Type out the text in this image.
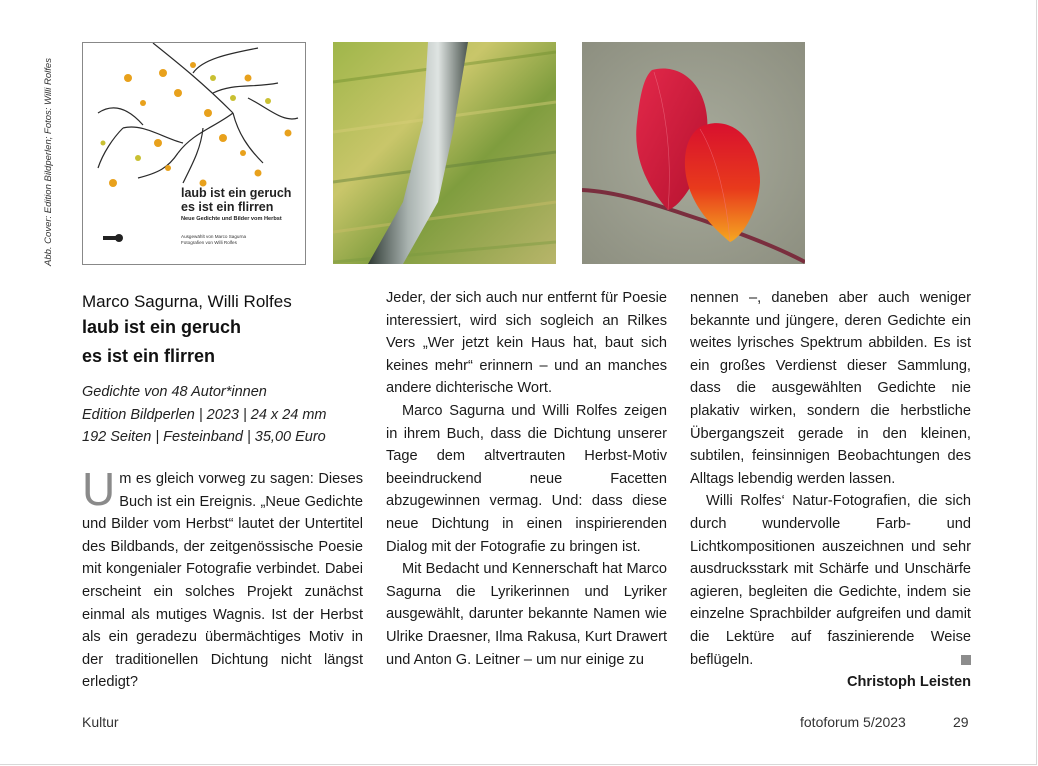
Abb. Cover: Edition Bildperlen; Fotos: Willi Rolfes	laub ist ein geruch
es ist ein flirren
Neue Gedichte und Bilder vom Herbst
Ausgewählt von Marco Sagurna
Fotografien von Willi Rolfes
Marco Sagurna, Willi Rolfes
laub ist ein geruch
es ist ein flirren
Gedichte von 48 Autor*innen
Edition Bildperlen | 2023 | 24 x 24 mm
192 Seiten | Festeinband | 35,00 Euro

Um es gleich vorweg zu sagen: Dieses Buch ist ein Ereignis. „Neue Gedichte und Bilder vom Herbst“ lautet der Untertitel des Bildbands, der zeitgenössische Poesie mit kongenialer Fotografie verbindet. Dabei erscheint ein solches Projekt zunächst einmal als mutiges Wagnis. Ist der Herbst als ein geradezu übermächtiges Motiv in der traditionellen Dichtung nicht längst erledigt?

Jeder, der sich auch nur entfernt für Poesie interessiert, wird sich sogleich an Rilkes Vers „Wer jetzt kein Haus hat, baut sich keines mehr“ erinnern – und an manches andere dichterische Wort.

Marco Sagurna und Willi Rolfes zeigen in ihrem Buch, dass die Dichtung unserer Tage dem altvertrauten Herbst-Motiv beeindruckend neue Facetten abzugewinnen vermag. Und: dass diese neue Dichtung in einen inspirierenden Dialog mit der Fotografie zu bringen ist.

Mit Bedacht und Kennerschaft hat Marco Sagurna die Lyrikerinnen und Lyriker ausgewählt, darunter bekannte Namen wie Ulrike Draesner, Ilma Rakusa, Kurt Drawert und Anton G. Leitner – um nur einige zu

nennen –, daneben aber auch weniger bekannte und jüngere, deren Gedichte ein weites lyrisches Spektrum abbilden. Es ist ein großes Verdienst dieser Sammlung, dass die ausgewählten Gedichte nie plakativ wirken, sondern die herbstliche Übergangszeit gerade in den kleinen, subtilen, feinsinnigen Beobachtungen des Alltags lebendig werden lassen.

Willi Rolfes‘ Natur-Fotografien, die sich durch wundervolle Farb- und Lichtkompositionen auszeichnen und sehr ausdrucksstark mit Schärfe und Unschärfe agieren, begleiten die Gedichte, indem sie einzelne Sprachbilder aufgreifen und damit die Lektüre auf faszinierende Weise beflügeln.

Christoph Leisten
Kultur	fotoforum 5/2023	29
